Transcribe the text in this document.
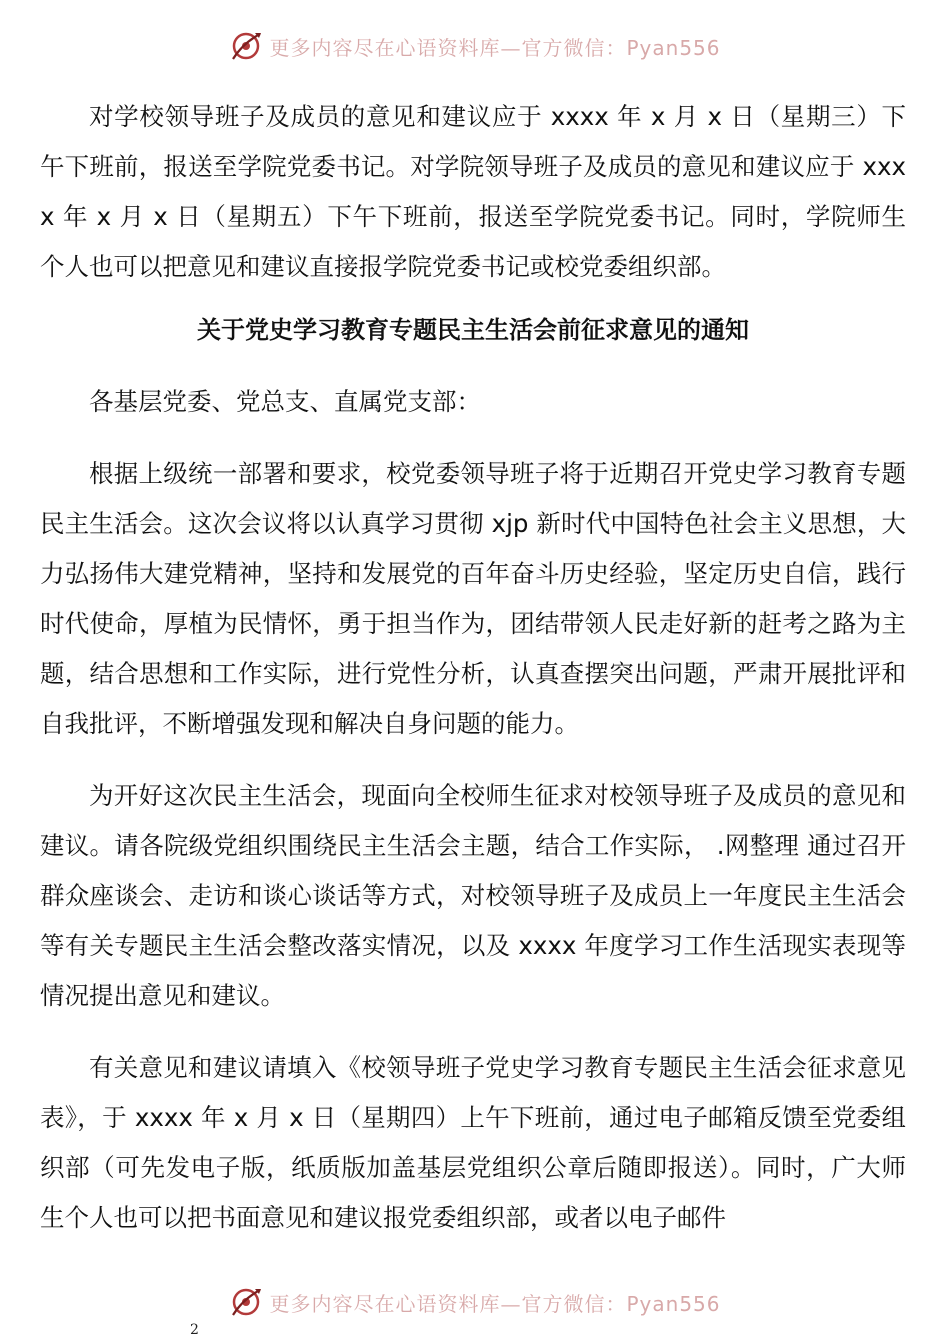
更多内容尽在心语资料库—官方微信：Pyan556

对学校领导班子及成员的意见和建议应于 xxxx 年 x 月 x 日（星期三）下午下班前，报送至学院党委书记。对学院领导班子及成员的意见和建议应于 xxxx 年 x 月 x 日（星期五）下午下班前，报送至学院党委书记。同时，学院师生个人也可以把意见和建议直接报学院党委书记或校党委组织部。

关于党史学习教育专题民主生活会前征求意见的通知

各基层党委、党总支、直属党支部：

根据上级统一部署和要求，校党委领导班子将于近期召开党史学习教育专题民主生活会。这次会议将以认真学习贯彻 xjp 新时代中国特色社会主义思想，大力弘扬伟大建党精神，坚持和发展党的百年奋斗历史经验，坚定历史自信，践行时代使命，厚植为民情怀，勇于担当作为，团结带领人民走好新的赶考之路为主题，结合思想和工作实际，进行党性分析，认真查摆突出问题，严肃开展批评和自我批评，不断增强发现和解决自身问题的能力。

为开好这次民主生活会，现面向全校师生征求对校领导班子及成员的意见和建议。请各院级党组织围绕民主生活会主题，结合工作实际， .网整理 通过召开群众座谈会、走访和谈心谈话等方式，对校领导班子及成员上一年度民主生活会等有关专题民主生活会整改落实情况，以及 xxxx 年度学习工作生活现实表现等情况提出意见和建议。

有关意见和建议请填入《校领导班子党史学习教育专题民主生活会征求意见表》，于 xxxx 年 x 月 x 日（星期四）上午下班前，通过电子邮箱反馈至党委组织部（可先发电子版，纸质版加盖基层党组织公章后随即报送）。同时，广大师生个人也可以把书面意见和建议报党委组织部，或者以电子邮件

更多内容尽在心语资料库—官方微信：Pyan556
2
